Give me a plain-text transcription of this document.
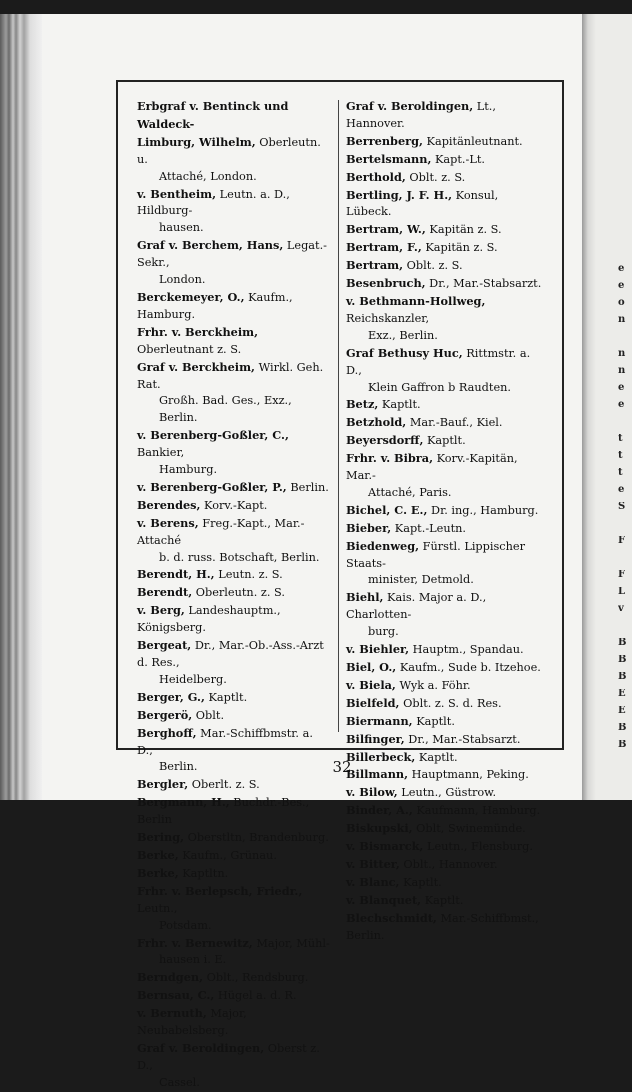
e
e
o
n
n
n
e
e
t
t
t
e
S
F
F
L
v
B
B
B
E
E
B
B
Erbgraf v. Bentinck und Waldeck-
Limburg, Wilhelm, Oberleutn. u.
Attaché, London.
v. Bentheim, Leutn. a. D., Hildburg-
hausen.
Graf v. Berchem, Hans, Legat.-Sekr.,
London.
Berckemeyer, O., Kaufm., Hamburg.
Frhr. v. Berckheim, Oberleutnant z. S.
Graf v. Berckheim, Wirkl. Geh. Rat.
Großh. Bad. Ges., Exz., Berlin.
v. Berenberg-Goßler, C., Bankier,
Hamburg.
v. Berenberg-Goßler, P., Berlin.
Berendes, Korv.-Kapt.
v. Berens, Freg.-Kapt., Mar.-Attaché
b. d. russ. Botschaft, Berlin.
Berendt, H., Leutn. z. S.
Berendt, Oberleutn. z. S.
v. Berg, Landeshauptm., Königsberg.
Bergeat, Dr., Mar.-Ob.-Ass.-Arzt d. Res.,
Heidelberg.
Berger, G., Kaptlt.
Bergerö, Oblt.
Berghoff, Mar.-Schiffbmstr. a. D.,
Berlin.
Bergler, Oberlt. z. S.
Bergmann, H., Buchdr.-Bes., Berlin
Bering, Oberstltn, Brandenburg.
Berke, Kaufm., Grünau.
Berke, Kaptltn.
Frhr. v. Berlepsch, Friedr., Leutn.,
Potsdam.
Frhr. v. Bernewitz, Major, Mühl-
hausen i. E.
Berndgen, Oblt., Rendsburg.
Bernsau, C., Hügel a. d. R.
v. Bernuth, Major, Neubabelsberg.
Graf v. Beroldingen, Oberst z. D.,
Cassel.
Graf v. Beroldingen, Lt., Hannover.
Berrenberg, Kapitänleutnant.
Bertelsmann, Kapt.-Lt.
Berthold, Oblt. z. S.
Bertling, J. F. H., Konsul, Lübeck.
Bertram, W., Kapitän z. S.
Bertram, F., Kapitän z. S.
Bertram, Oblt. z. S.
Besenbruch, Dr., Mar.-Stabsarzt.
v. Bethmann-Hollweg, Reichskanzler,
Exz., Berlin.
Graf Bethusy Huc, Rittmstr. a. D.,
Klein Gaffron b Raudten.
Betz, Kaptlt.
Betzhold, Mar.-Bauf., Kiel.
Beyersdorff, Kaptlt.
Frhr. v. Bibra, Korv.-Kapitän, Mar.-
Attaché, Paris.
Bichel, C. E., Dr. ing., Hamburg.
Bieber, Kapt.-Leutn.
Biedenweg, Fürstl. Lippischer Staats-
minister, Detmold.
Biehl, Kais. Major a. D., Charlotten-
burg.
v. Biehler, Hauptm., Spandau.
Biel, O., Kaufm., Sude b. Itzehoe.
v. Biela, Wyk a. Föhr.
Bielfeld, Oblt. z. S. d. Res.
Biermann, Kaptlt.
Bilfinger, Dr., Mar.-Stabsarzt.
Billerbeck, Kaptlt.
Billmann, Hauptmann, Peking.
v. Bilow, Leutn., Güstrow.
Binder, A., Kaufmann, Hamburg.
Biskupski, Oblt, Swinemünde.
v. Bismarck, Leutn., Flensburg.
v. Bitter, Oblt., Hannover.
v. Blanc, Kaptlt.
v. Blanquet, Kaptlt.
Blechschmidt, Mar.-Schiffbmst., Berlin.
32
